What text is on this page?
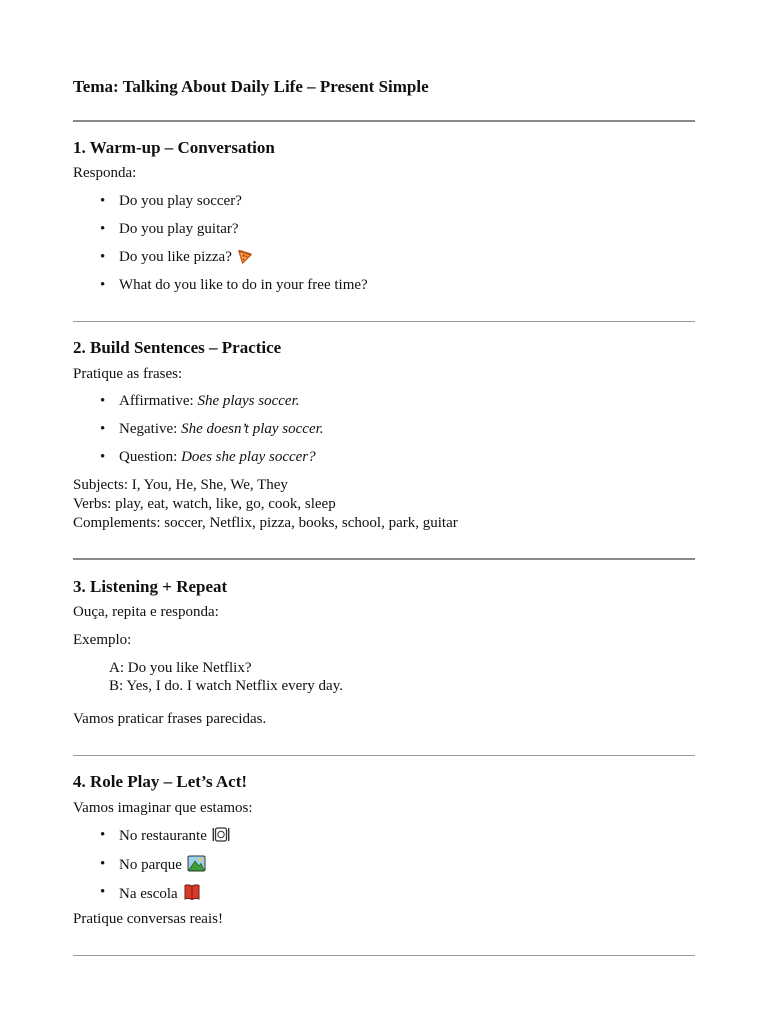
Tema: Talking About Daily Life – Present Simple
1. Warm-up – Conversation

Responda:

• Do you play soccer?

• Do you play guitar?

• Do you like pizza?

• What do you like to do in your free time?

2. Build Sentences – Practice

Pratique as frases:

• Affirmative: She plays soccer.

• Negative: She doesn’t play soccer.

• Question: Does she play soccer?

Subjects: I, You, He, She, We, They

Verbs: play, eat, watch, like, go, cook, sleep

Complements: soccer, Netflix, pizza, books, school, park, guitar

3. Listening + Repeat

Ouça, repita e responda:

Exemplo:

A: Do you like Netflix?

B: Yes, I do. I watch Netflix every day.

Vamos praticar frases parecidas.

4. Role Play – Let’s Act!

Vamos imaginar que estamos:

• No restaurante

• No parque

• Na escola

Pratique conversas reais!
